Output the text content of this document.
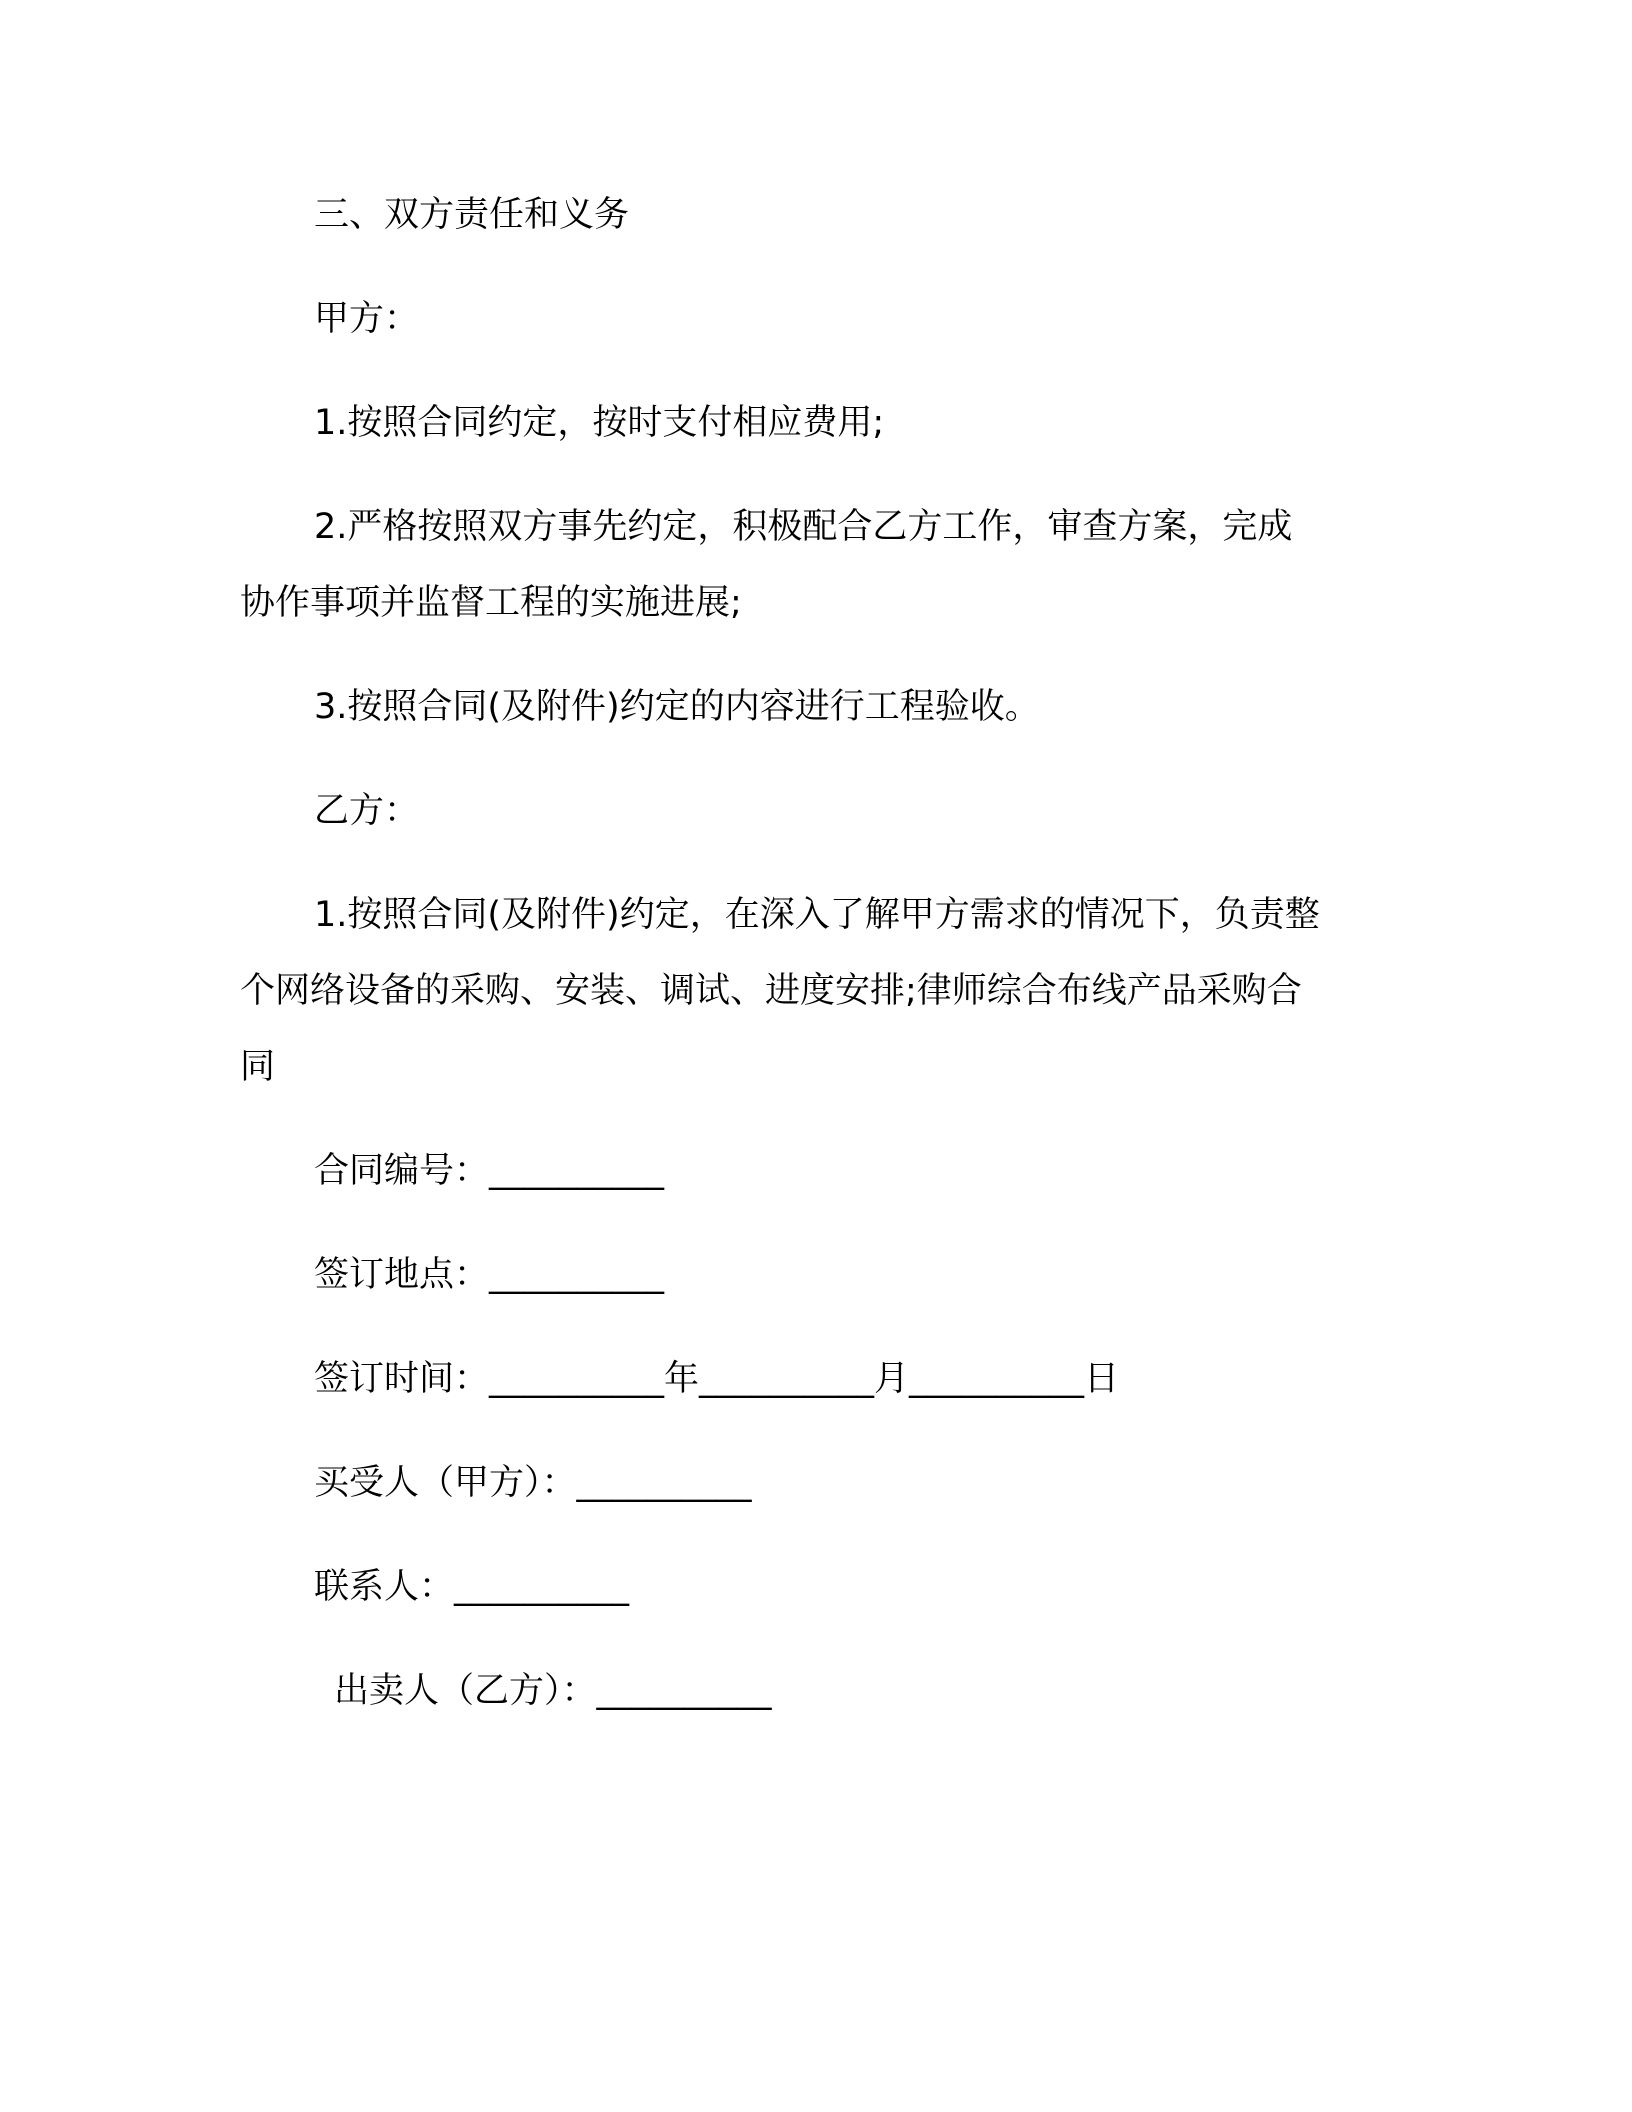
三、双方责任和义务
甲方：
1.按照合同约定，按时支付相应费用;
2.严格按照双方事先约定，积极配合乙方工作，审查方案，完成
协作事项并监督工程的实施进展;
3.按照合同(及附件)约定的内容进行工程验收。
乙方：
1.按照合同(及附件)约定，在深入了解甲方需求的情况下，负责整
个网络设备的采购、安装、调试、进度安排;律师综合布线产品采购合
同
合同编号：__________
签订地点：__________
签订时间：__________年__________月__________日
买受人（甲方）：__________
联系人：__________
出卖人（乙方）：__________
